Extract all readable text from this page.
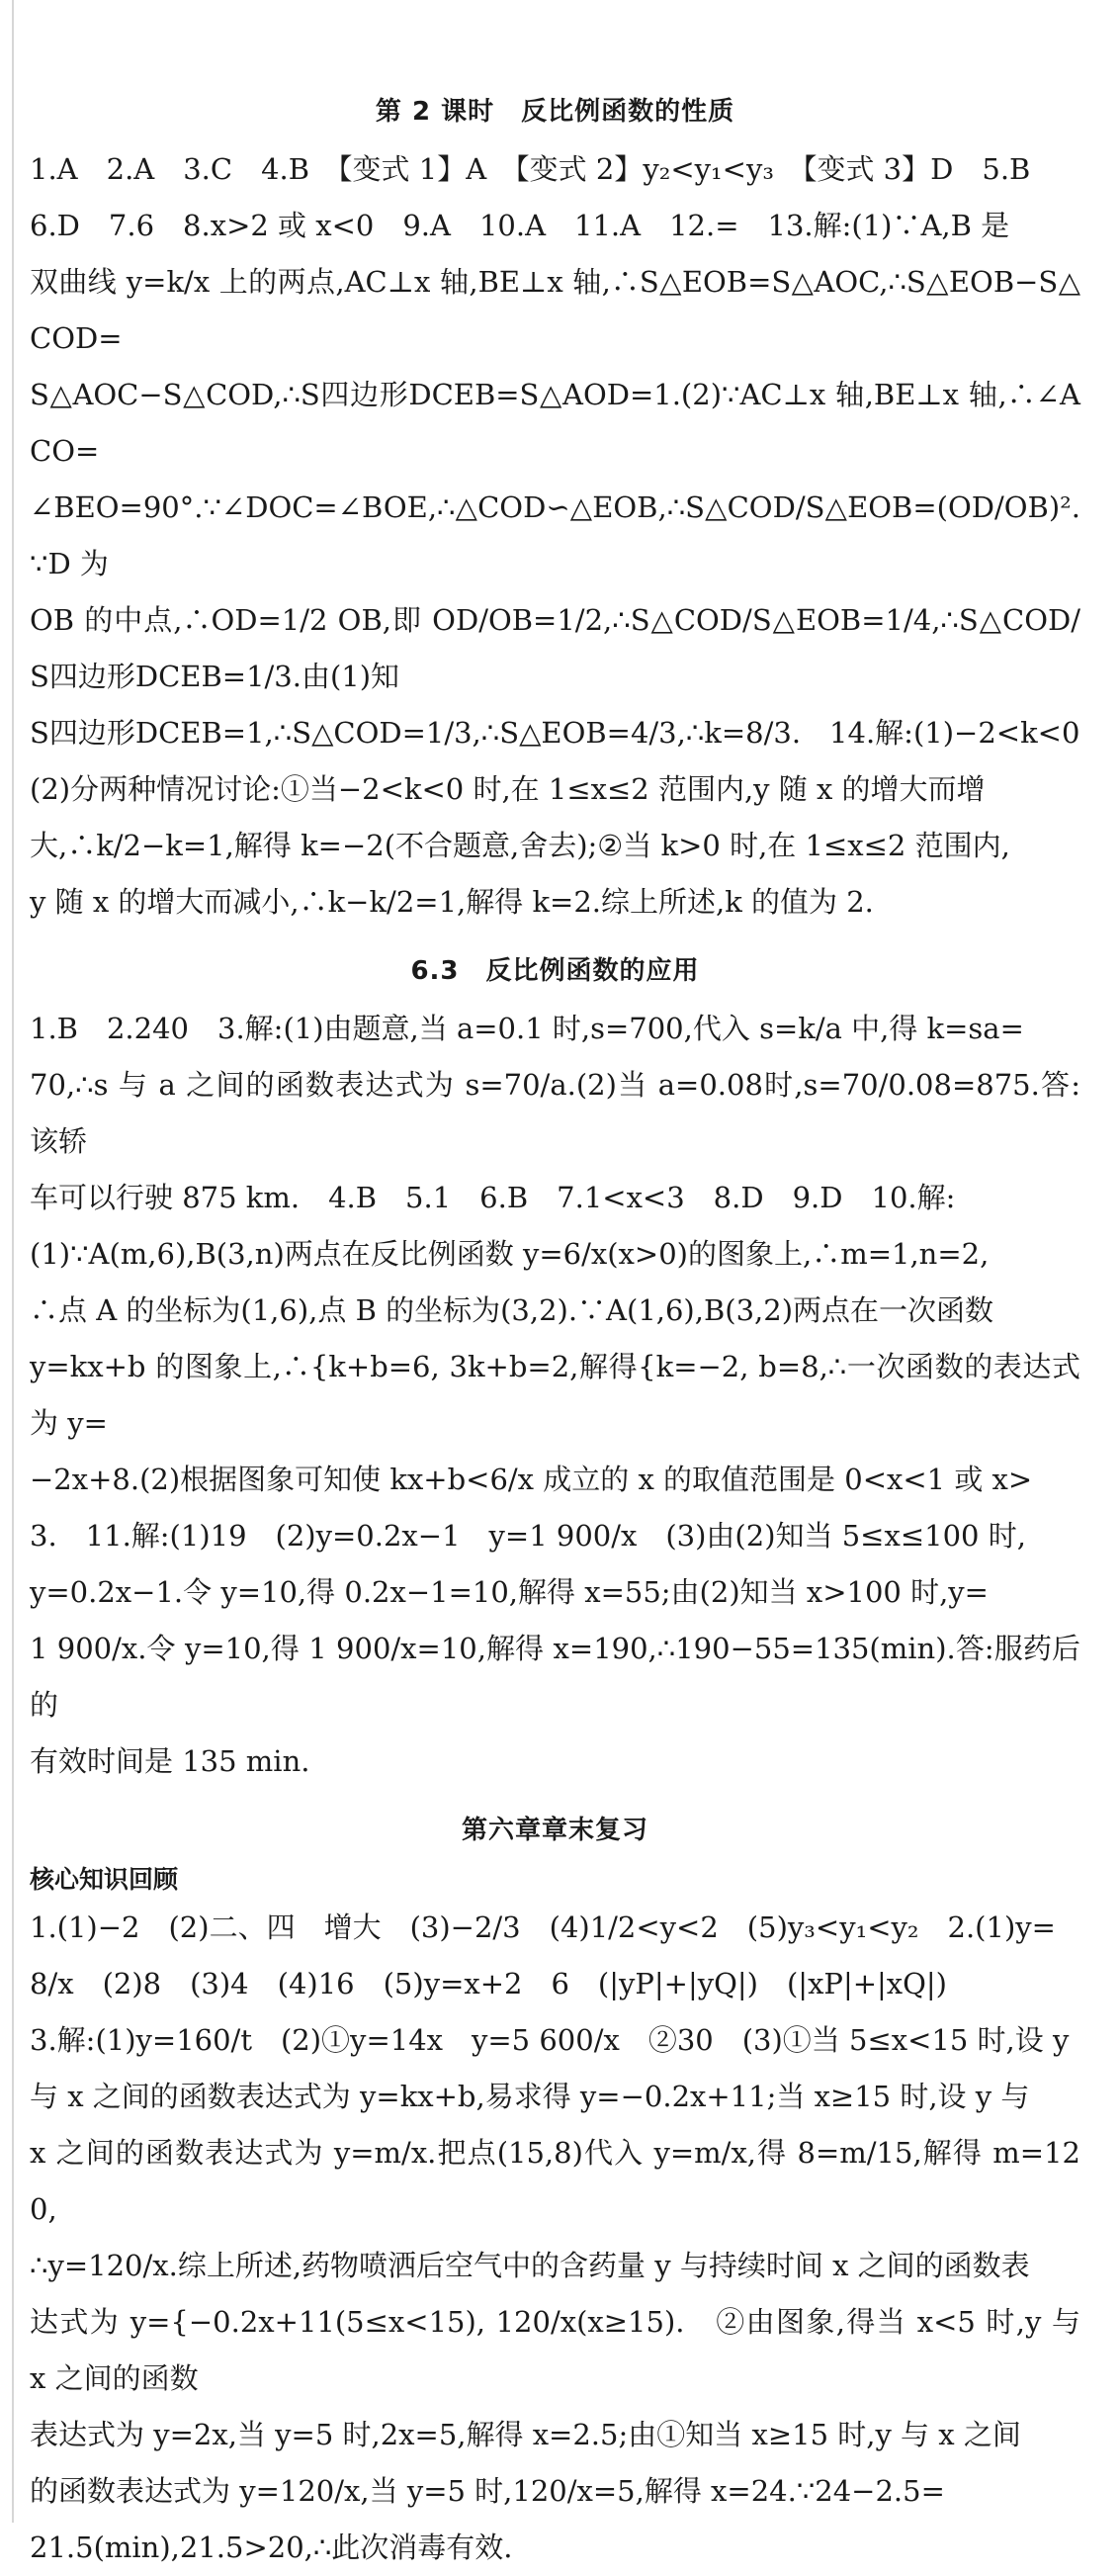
第 2 课时　反比例函数的性质

1.A　2.A　3.C　4.B　【变式 1】A　【变式 2】y₂<y₁<y₃　【变式 3】D　5.B

6.D　7.6　8.x>2 或 x<0　9.A　10.A　11.A　12.=　13.解:(1)∵A,B 是

双曲线 y=k/x 上的两点,AC⊥x 轴,BE⊥x 轴,∴S△EOB=S△AOC,∴S△EOB−S△COD=

S△AOC−S△COD,∴S四边形DCEB=S△AOD=1.(2)∵AC⊥x 轴,BE⊥x 轴,∴∠ACO=

∠BEO=90°.∵∠DOC=∠BOE,∴△COD∽△EOB,∴S△COD/S△EOB=(OD/OB)².∵D 为

OB 的中点,∴OD=1/2 OB,即 OD/OB=1/2,∴S△COD/S△EOB=1/4,∴S△COD/S四边形DCEB=1/3.由(1)知

S四边形DCEB=1,∴S△COD=1/3,∴S△EOB=4/3,∴k=8/3.　14.解:(1)−2<k<0

(2)分两种情况讨论:①当−2<k<0 时,在 1≤x≤2 范围内,y 随 x 的增大而增

大,∴k/2−k=1,解得 k=−2(不合题意,舍去);②当 k>0 时,在 1≤x≤2 范围内,

y 随 x 的增大而减小,∴k−k/2=1,解得 k=2.综上所述,k 的值为 2.

6.3　反比例函数的应用

1.B　2.240　3.解:(1)由题意,当 a=0.1 时,s=700,代入 s=k/a 中,得 k=sa=

70,∴s 与 a 之间的函数表达式为 s=70/a.(2)当 a=0.08时,s=70/0.08=875.答:该轿

车可以行驶 875 km.　4.B　5.1　6.B　7.1<x<3　8.D　9.D　10.解:

(1)∵A(m,6),B(3,n)两点在反比例函数 y=6/x(x>0)的图象上,∴m=1,n=2,

∴点 A 的坐标为(1,6),点 B 的坐标为(3,2).∵A(1,6),B(3,2)两点在一次函数

y=kx+b 的图象上,∴{k+b=6, 3k+b=2,解得{k=−2, b=8,∴一次函数的表达式为 y=

−2x+8.(2)根据图象可知使 kx+b<6/x 成立的 x 的取值范围是 0<x<1 或 x>

3.　11.解:(1)19　(2)y=0.2x−1　y=1 900/x　(3)由(2)知当 5≤x≤100 时,

y=0.2x−1.令 y=10,得 0.2x−1=10,解得 x=55;由(2)知当 x>100 时,y=

1 900/x.令 y=10,得 1 900/x=10,解得 x=190,∴190−55=135(min).答:服药后的

有效时间是 135 min.

第六章章末复习
核心知识回顾

1.(1)−2　(2)二、四　增大　(3)−2/3　(4)1/2<y<2　(5)y₃<y₁<y₂　2.(1)y=

8/x　(2)8　(3)4　(4)16　(5)y=x+2　6　(|yP|+|yQ|)　(|xP|+|xQ|)

3.解:(1)y=160/t　(2)①y=14x　y=5 600/x　②30　(3)①当 5≤x<15 时,设 y

与 x 之间的函数表达式为 y=kx+b,易求得 y=−0.2x+11;当 x≥15 时,设 y 与

x 之间的函数表达式为 y=m/x.把点(15,8)代入 y=m/x,得 8=m/15,解得 m=120,

∴y=120/x.综上所述,药物喷洒后空气中的含药量 y 与持续时间 x 之间的函数表

达式为 y={−0.2x+11(5≤x<15), 120/x(x≥15).　②由图象,得当 x<5 时,y 与 x 之间的函数

表达式为 y=2x,当 y=5 时,2x=5,解得 x=2.5;由①知当 x≥15 时,y 与 x 之间

的函数表达式为 y=120/x,当 y=5 时,120/x=5,解得 x=24.∵24−2.5=

21.5(min),21.5>20,∴此次消毒有效.
